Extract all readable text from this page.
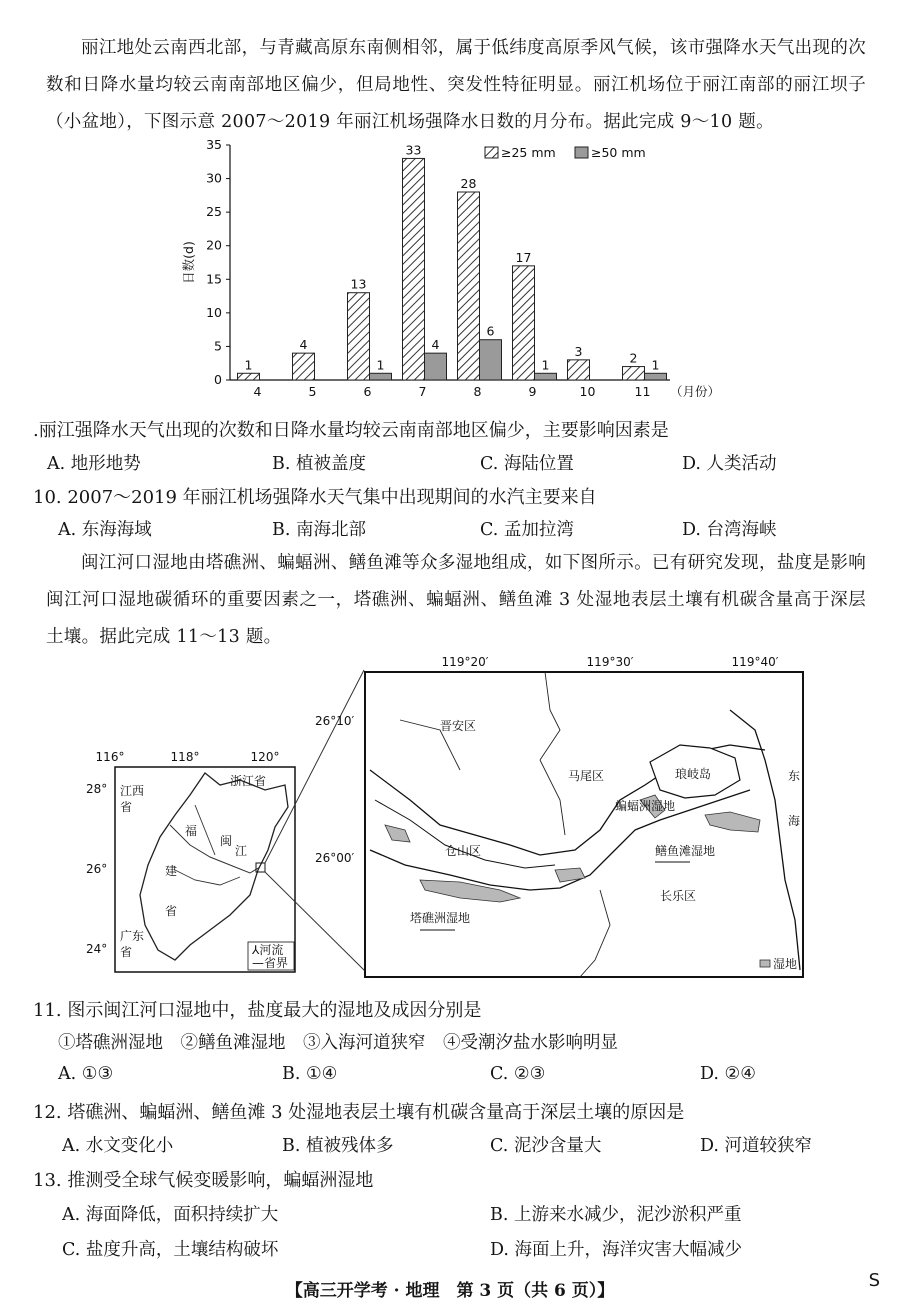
丽江地处云南西北部，与青藏高原东南侧相邻，属于低纬度高原季风气候，该市强降水天气出现的次数和日降水量均较云南南部地区偏少，但局地性、突发性特征明显。丽江机场位于丽江南部的丽江坝子（小盆地），下图示意 2007～2019 年丽江机场强降水日数的月分布。据此完成 9～10 题。
0
5
10
15
20
25
30
35
日数(d)
4
1
5
4
6
13
1
7
33
4
8
28
6
9
17
1
10
3
11
2 1
（月份）
≥25 mm	≥50 mm
.丽江强降水天气出现的次数和日降水量均较云南南部地区偏少，主要影响因素是
A. 地形地势	B. 植被盖度	C. 海陆位置	D. 人类活动
10. 2007～2019 年丽江机场强降水天气集中出现期间的水汽主要来自
A. 东海海域	B. 南海北部	C. 孟加拉湾	D. 台湾海峡
闽江河口湿地由塔礁洲、蝙蝠洲、鳝鱼滩等众多湿地组成，如下图所示。已有研究发现，盐度是影响闽江河口湿地碳循环的重要因素之一，塔礁洲、蝙蝠洲、鳝鱼滩 3 处湿地表层土壤有机碳含量高于深层土壤。据此完成 11～13 题。
116°	118°	120°
28°
26°
24°
江西
省
浙江省
福
建
省
闽
江
广东
省	⅄河流
—省界
119°20′	119°30′	119°40′
26°10′
26°00′
晋安区
马尾区	琅岐岛
仓山区
长乐区
蝙蝠洲湿地
鳝鱼滩湿地
塔礁洲湿地
东
海
湿地
11. 图示闽江河口湿地中，盐度最大的湿地及成因分别是
①塔礁洲湿地　②鳝鱼滩湿地　③入海河道狭窄　④受潮汐盐水影响明显
A. ①③	B. ①④	C. ②③	D. ②④
12. 塔礁洲、蝙蝠洲、鳝鱼滩 3 处湿地表层土壤有机碳含量高于深层土壤的原因是
A. 水文变化小	B. 植被残体多	C. 泥沙含量大	D. 河道较狭窄
13. 推测受全球气候变暖影响，蝙蝠洲湿地
A. 海面降低，面积持续扩大	B. 上游来水减少，泥沙淤积严重
C. 盐度升高，土壤结构破坏	D. 海面上升，海洋灾害大幅减少
【高三开学考 · 地理　第 3 页（共 6 页）】	S
